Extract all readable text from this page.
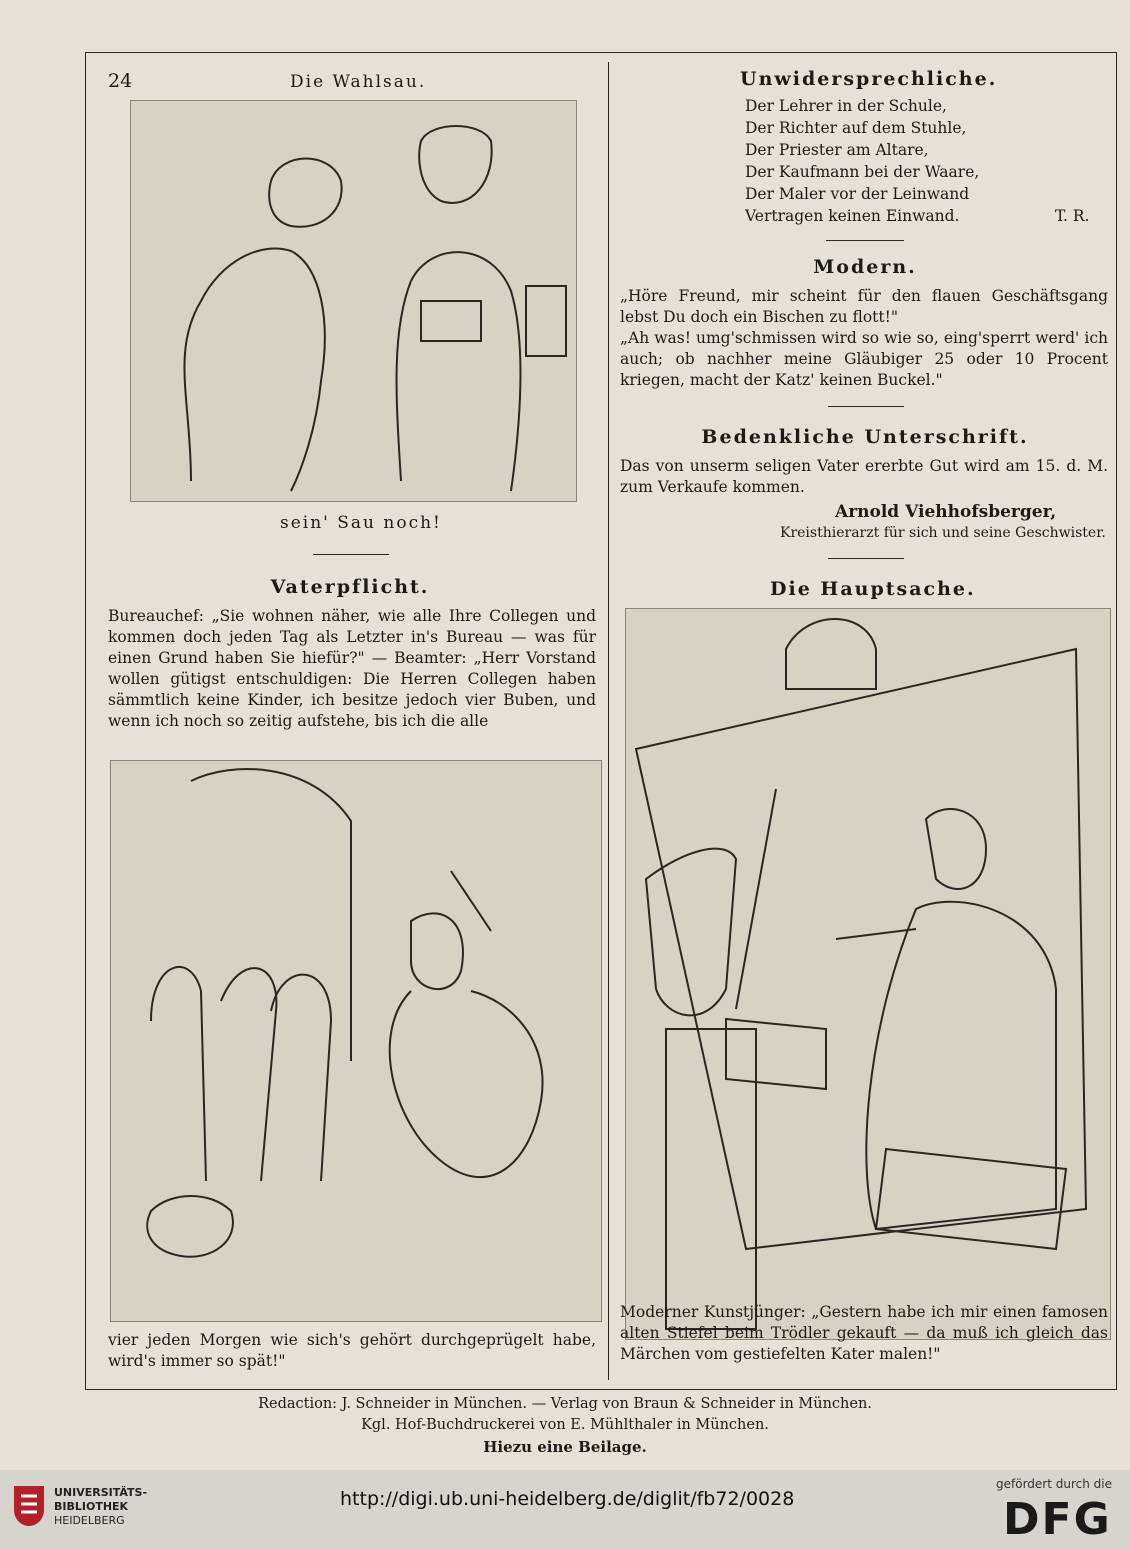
24	Die Wahlsau.
sein' Sau noch!
Vaterpflicht.
Bureauchef: „Sie wohnen näher, wie alle Ihre Collegen und kommen doch jeden Tag als Letzter in's Bureau — was für einen Grund haben Sie hiefür?" — Beamter: „Herr Vorstand wollen gütigst entschuldigen: Die Herren Collegen haben sämmtlich keine Kinder, ich besitze jedoch vier Buben, und wenn ich noch so zeitig aufstehe, bis ich die alle
vier jeden Morgen wie sich's gehört durchgeprügelt habe, wird's immer so spät!"
Unwidersprechliche.
Der Lehrer in der Schule,
Der Richter auf dem Stuhle,
Der Priester am Altare,
Der Kaufmann bei der Waare,
Der Maler vor der Leinwand
Vertragen keinen Einwand.	T. R.
Modern.
„Höre Freund, mir scheint für den flauen Geschäftsgang lebst Du doch ein Bischen zu flott!"
„Ah was! umg'schmissen wird so wie so, eing'sperrt werd' ich auch; ob nachher meine Gläubiger 25 oder 10 Procent kriegen, macht der Katz' keinen Buckel."
Bedenkliche Unterschrift.
Das von unserm seligen Vater ererbte Gut wird am 15. d. M. zum Verkaufe kommen.
Arnold Viehhofsberger,
Kreisthierarzt für sich und seine Geschwister.
Die Hauptsache.
Moderner Kunstjünger: „Gestern habe ich mir einen famosen alten Stiefel beim Trödler gekauft — da muß ich gleich das Märchen vom gestiefelten Kater malen!"
Redaction: J. Schneider in München. — Verlag von Braun & Schneider in München.
Kgl. Hof-Buchdruckerei von E. Mühlthaler in München.
Hiezu eine Beilage.
UNIVERSITÄTS-
BIBLIOTHEK
HEIDELBERG
http://digi.ub.uni-heidelberg.de/diglit/fb72/0028
gefördert durch die
DFG
